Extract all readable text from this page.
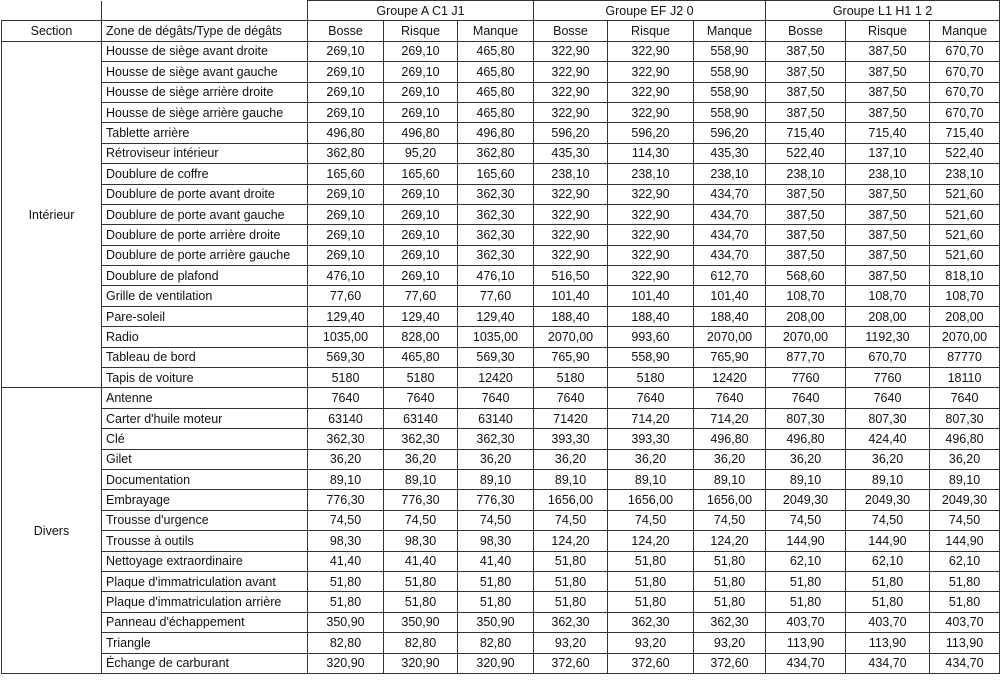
		Groupe A C1 J1			Groupe EF J2 0			Groupe L1 H1 1 2		
Section	Zone de dégâts/Type de dégâts	Bosse	Risque	Manque	Bosse	Risque	Manque	Bosse	Risque	Manque
Intérieur	Housse de siège avant droite	269,10	269,10	465,80	322,90	322,90	558,90	387,50	387,50	670,70
	Housse de siège avant gauche	269,10	269,10	465,80	322,90	322,90	558,90	387,50	387,50	670,70
	Housse de siège arrière droite	269,10	269,10	465,80	322,90	322,90	558,90	387,50	387,50	670,70
	Housse de siège arrière gauche	269,10	269,10	465,80	322,90	322,90	558,90	387,50	387,50	670,70
	Tablette arrière	496,80	496,80	496,80	596,20	596,20	596,20	715,40	715,40	715,40
	Rétroviseur intérieur	362,80	95,20	362,80	435,30	114,30	435,30	522,40	137,10	522,40
	Doublure de coffre	165,60	165,60	165,60	238,10	238,10	238,10	238,10	238,10	238,10
	Doublure de porte avant droite	269,10	269,10	362,30	322,90	322,90	434,70	387,50	387,50	521,60
	Doublure de porte avant gauche	269,10	269,10	362,30	322,90	322,90	434,70	387,50	387,50	521,60
	Doublure de porte arrière droite	269,10	269,10	362,30	322,90	322,90	434,70	387,50	387,50	521,60
	Doublure de porte arrière gauche	269,10	269,10	362,30	322,90	322,90	434,70	387,50	387,50	521,60
	Doublure de plafond	476,10	269,10	476,10	516,50	322,90	612,70	568,60	387,50	818,10
	Grille de ventilation	77,60	77,60	77,60	101,40	101,40	101,40	108,70	108,70	108,70
	Pare-soleil	129,40	129,40	129,40	188,40	188,40	188,40	208,00	208,00	208,00
	Radio	1035,00	828,00	1035,00	2070,00	993,60	2070,00	2070,00	1192,30	2070,00
	Tableau de bord	569,30	465,80	569,30	765,90	558,90	765,90	877,70	670,70	87770
	Tapis de voiture	5180	5180	12420	5180	5180	12420	7760	7760	18110
Divers	Antenne	7640	7640	7640	7640	7640	7640	7640	7640	7640
	Carter d'huile moteur	63140	63140	63140	71420	714,20	714,20	807,30	807,30	807,30
	Clé	362,30	362,30	362,30	393,30	393,30	496,80	496,80	424,40	496,80
	Gilet	36,20	36,20	36,20	36,20	36,20	36,20	36,20	36,20	36,20
	Documentation	89,10	89,10	89,10	89,10	89,10	89,10	89,10	89,10	89,10
	Embrayage	776,30	776,30	776,30	1656,00	1656,00	1656,00	2049,30	2049,30	2049,30
	Trousse d'urgence	74,50	74,50	74,50	74,50	74,50	74,50	74,50	74,50	74,50
	Trousse à outils	98,30	98,30	98,30	124,20	124,20	124,20	144,90	144,90	144,90
	Nettoyage extraordinaire	41,40	41,40	41,40	51,80	51,80	51,80	62,10	62,10	62,10
	Plaque d'immatriculation avant	51,80	51,80	51,80	51,80	51,80	51,80	51,80	51,80	51,80
	Plaque d'immatriculation arrière	51,80	51,80	51,80	51,80	51,80	51,80	51,80	51,80	51,80
	Panneau d'échappement	350,90	350,90	350,90	362,30	362,30	362,30	403,70	403,70	403,70
	Triangle	82,80	82,80	82,80	93,20	93,20	93,20	113,90	113,90	113,90
	Échange de carburant	320,90	320,90	320,90	372,60	372,60	372,60	434,70	434,70	434,70
